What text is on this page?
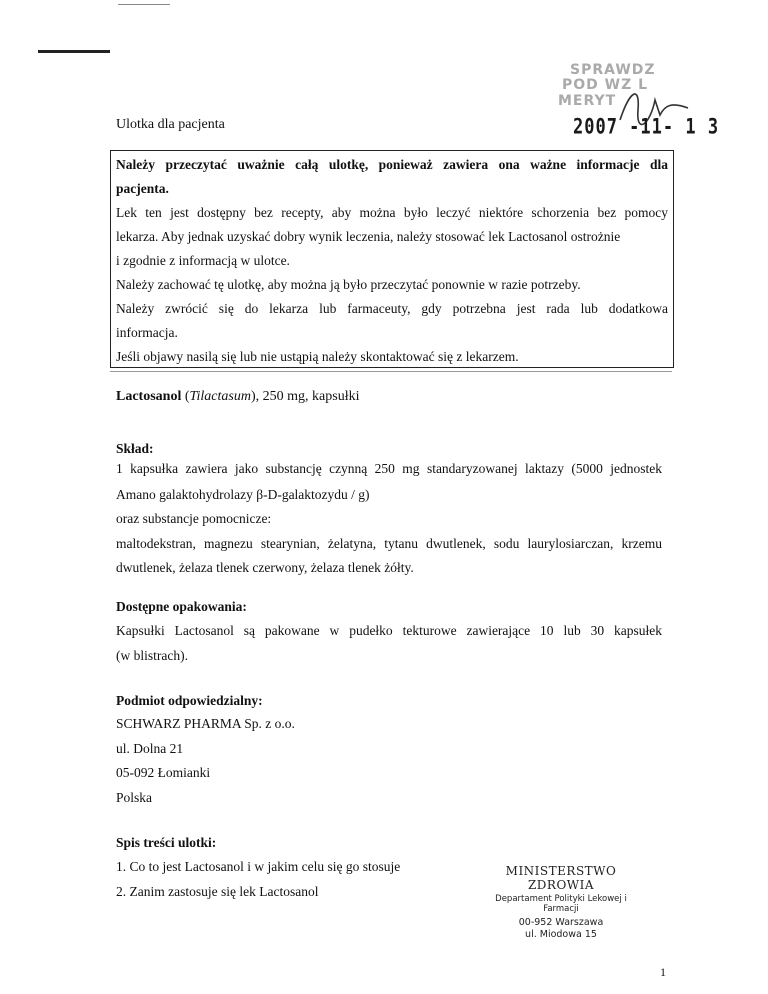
SPRAWDZ
POD WZ L
MERYT
2007 -11- 1 3
Ulotka dla pacjenta

Należy przeczytać uważnie całą ulotkę, ponieważ zawiera ona ważne informacje dla

pacjenta.

Lek ten jest dostępny bez recepty, aby można było leczyć niektóre schorzenia bez pomocy

lekarza. Aby jednak uzyskać dobry wynik leczenia, należy stosować lek Lactosanol ostrożnie

i zgodnie z informacją w ulotce.

Należy zachować tę ulotkę, aby można ją było przeczytać ponownie w razie potrzeby.

Należy zwrócić się do lekarza lub farmaceuty, gdy potrzebna jest rada lub dodatkowa

informacja.

Jeśli objawy nasilą się lub nie ustąpią należy skontaktować się z lekarzem.

Lactosanol (Tilactasum), 250 mg, kapsułki
Skład:
1 kapsułka zawiera jako substancję czynną 250 mg standaryzowanej laktazy (5000 jednostek
Amano galaktohydrolazy β-D-galaktozydu / g)
oraz substancje pomocnicze:
maltodekstran, magnezu stearynian, żelatyna, tytanu dwutlenek, sodu laurylosiarczan, krzemu
dwutlenek, żelaza tlenek czerwony, żelaza tlenek żółty.
Dostępne opakowania:
Kapsułki Lactosanol są pakowane w pudełko tekturowe zawierające 10 lub 30 kapsułek
(w blistrach).
Podmiot odpowiedzialny:
SCHWARZ PHARMA Sp. z o.o.
ul. Dolna 21
05-092 Łomianki
Polska
Spis treści ulotki:
1. Co to jest Lactosanol i w jakim celu się go stosuje
2. Zanim zastosuje się lek Lactosanol
MINISTERSTWO ZDROWIA
Departament Polityki Lekowej i Farmacji
00-952 Warszawa
ul. Miodowa 15
1
